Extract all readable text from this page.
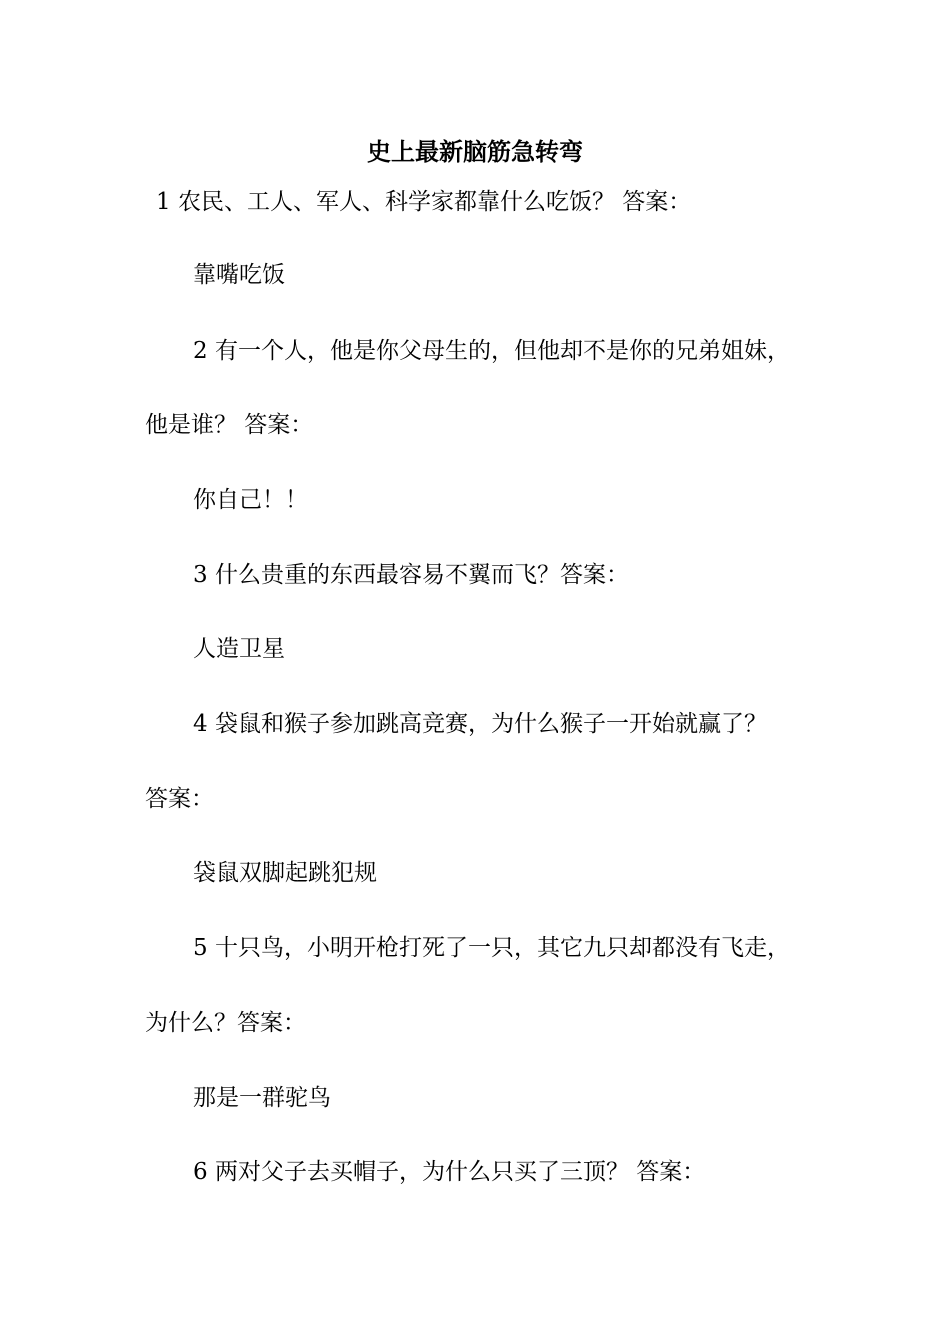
史上最新脑筋急转弯
1 农民、工人、军人、科学家都靠什么吃饭？ 答案：
靠嘴吃饭
2 有一个人，他是你父母生的，但他却不是你的兄弟姐妹，
他是谁？ 答案：
你自己！！
3 什么贵重的东西最容易不翼而飞？答案：
人造卫星
4 袋鼠和猴子参加跳高竞赛，为什么猴子一开始就赢了？
答案：
袋鼠双脚起跳犯规
5 十只鸟，小明开枪打死了一只，其它九只却都没有飞走，
为什么？答案：
那是一群驼鸟
6 两对父子去买帽子，为什么只买了三顶？ 答案：
